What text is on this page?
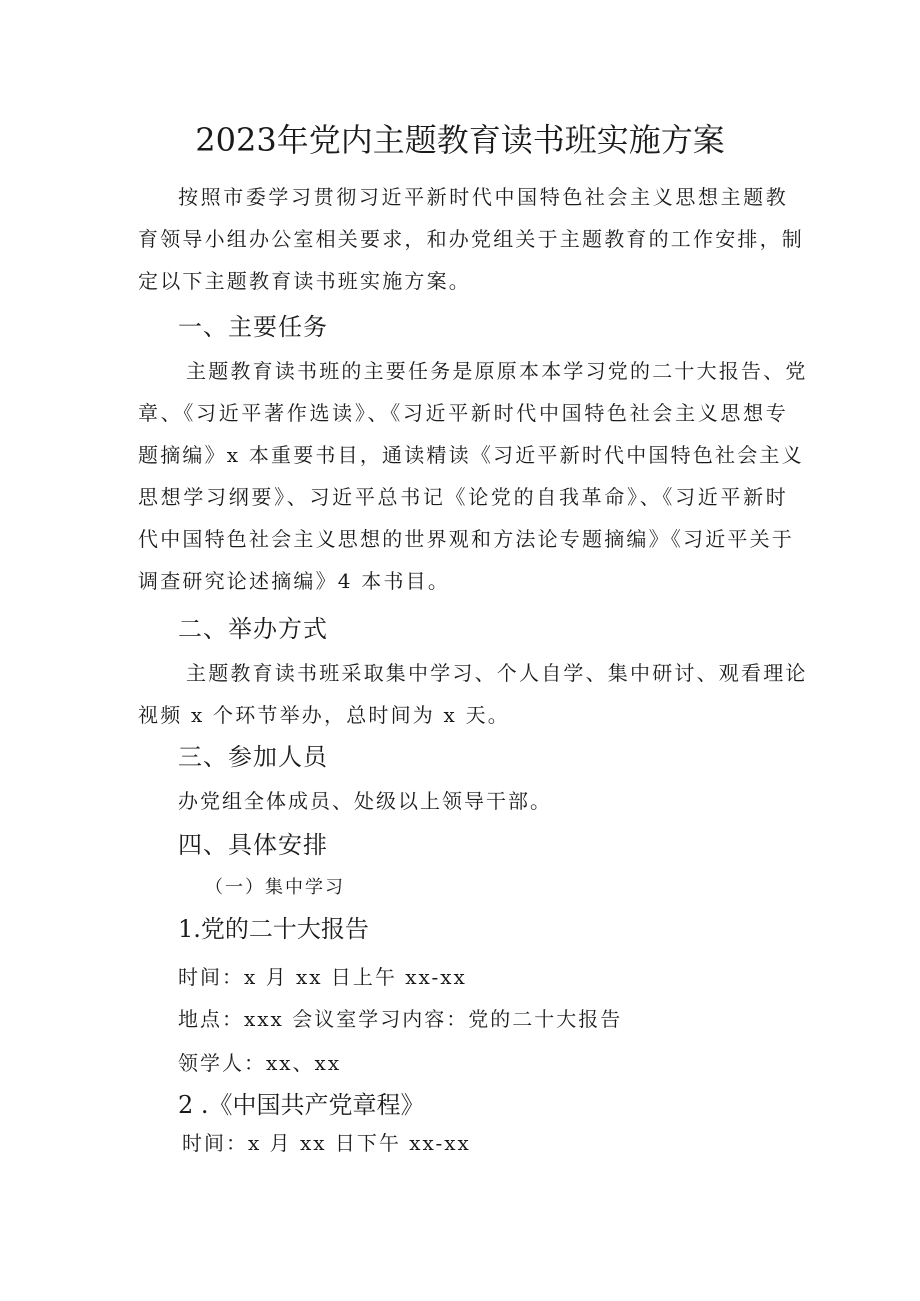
2023年党内主题教育读书班实施方案
按照市委学习贯彻习近平新时代中国特色社会主义思想主题教
育领导小组办公室相关要求，和办党组关于主题教育的工作安排，制
定以下主题教育读书班实施方案。
一、主要任务
主题教育读书班的主要任务是原原本本学习党的二十大报告、党
章、《习近平著作选读》、《习近平新时代中国特色社会主义思想专
题摘编》x 本重要书目，通读精读《习近平新时代中国特色社会主义
思想学习纲要》、习近平总书记《论党的自我革命》、《习近平新时
代中国特色社会主义思想的世界观和方法论专题摘编》《习近平关于
调查研究论述摘编》4 本书目。
二、举办方式
主题教育读书班采取集中学习、个人自学、集中研讨、观看理论
视频 x 个环节举办，总时间为 x 天。
三、参加人员
办党组全体成员、处级以上领导干部。
四、具体安排
（一）集中学习
1.党的二十大报告
时间：x 月 xx 日上午 xx-xx
地点：xxx 会议室学习内容：党的二十大报告
领学人：xx、xx
2 .《中国共产党章程》
时间：x 月 xx 日下午 xx-xx
